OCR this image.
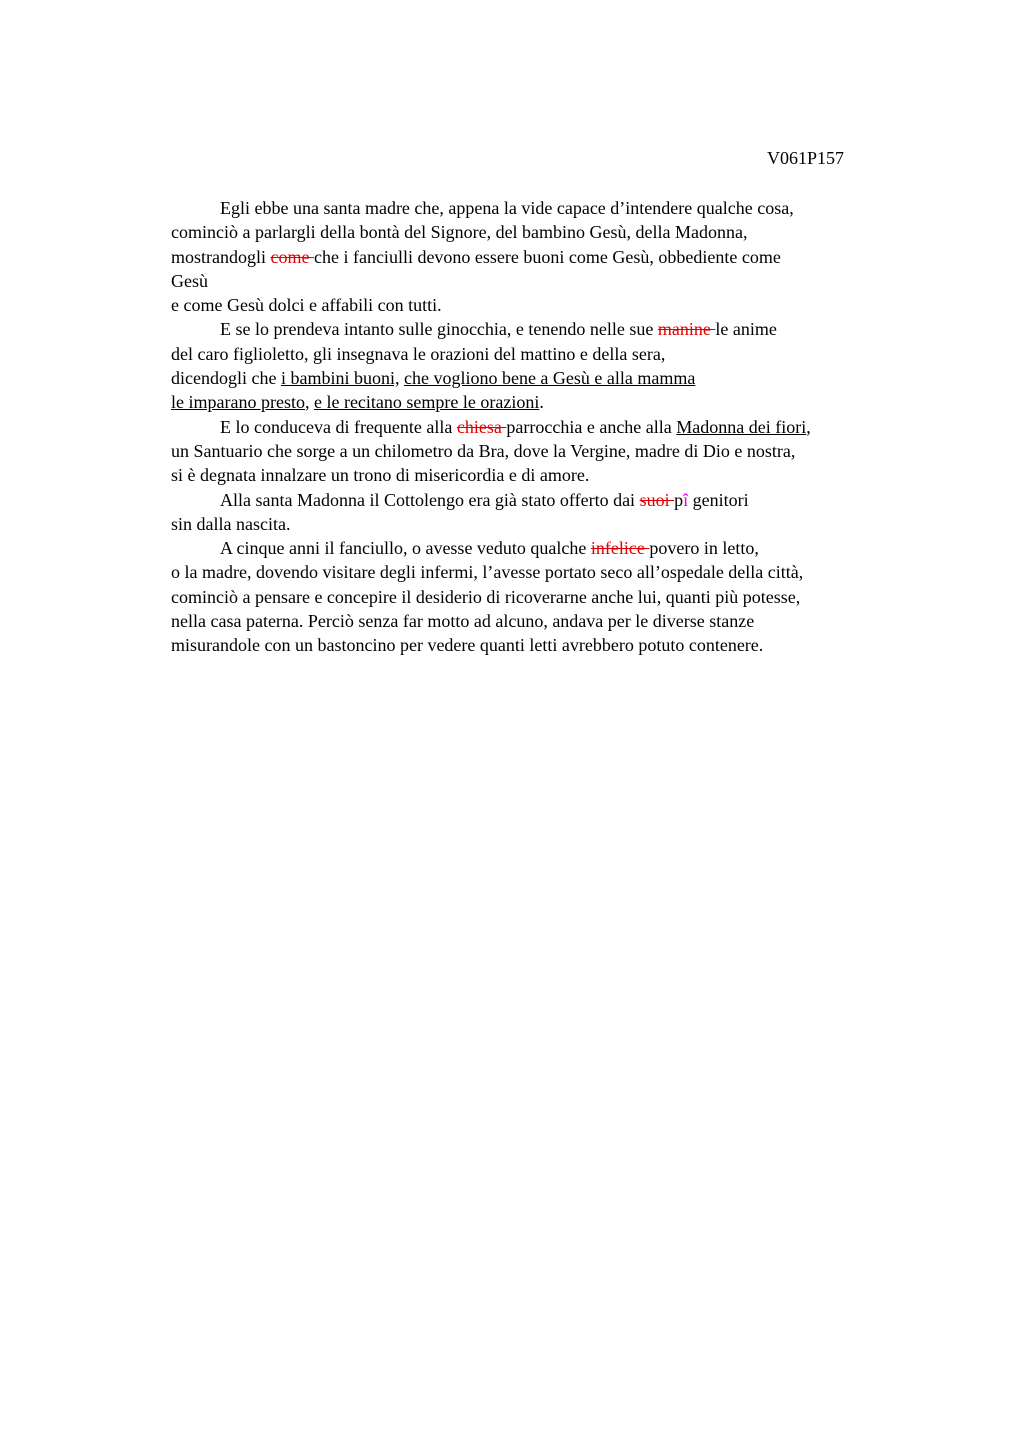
V061P157
Egli ebbe una santa madre che, appena la vide capace d’intendere qualche cosa,
cominciò a parlargli della bontà del Signore, del bambino Gesù, della Madonna,
mostrandogli come che i fanciulli devono essere buoni come Gesù, obbediente come
Gesù
e come Gesù dolci e affabili con tutti.
E se lo prendeva intanto sulle ginocchia, e tenendo nelle sue manine le anime
del caro figlioletto, gli insegnava le orazioni del mattino e della sera,
dicendogli che i bambini buoni, che vogliono bene a Gesù e alla mamma
le imparano presto, e le recitano sempre le orazioni.
E lo conduceva di frequente alla chiesa parrocchia e anche alla Madonna dei fiori,
un Santuario che sorge a un chilometro da Bra, dove la Vergine, madre di Dio e nostra,
si è degnata innalzare un trono di misericordia e di amore.
Alla santa Madonna il Cottolengo era già stato offerto dai suoi pî genitori
sin dalla nascita.
A cinque anni il fanciullo, o avesse veduto qualche infelice povero in letto,
o la madre, dovendo visitare degli infermi, l’avesse portato seco all’ospedale della città,
cominciò a pensare e concepire il desiderio di ricoverarne anche lui, quanti più potesse,
nella casa paterna. Perciò senza far motto ad alcuno, andava per le diverse stanze
misurandole con un bastoncino per vedere quanti letti avrebbero potuto contenere.
